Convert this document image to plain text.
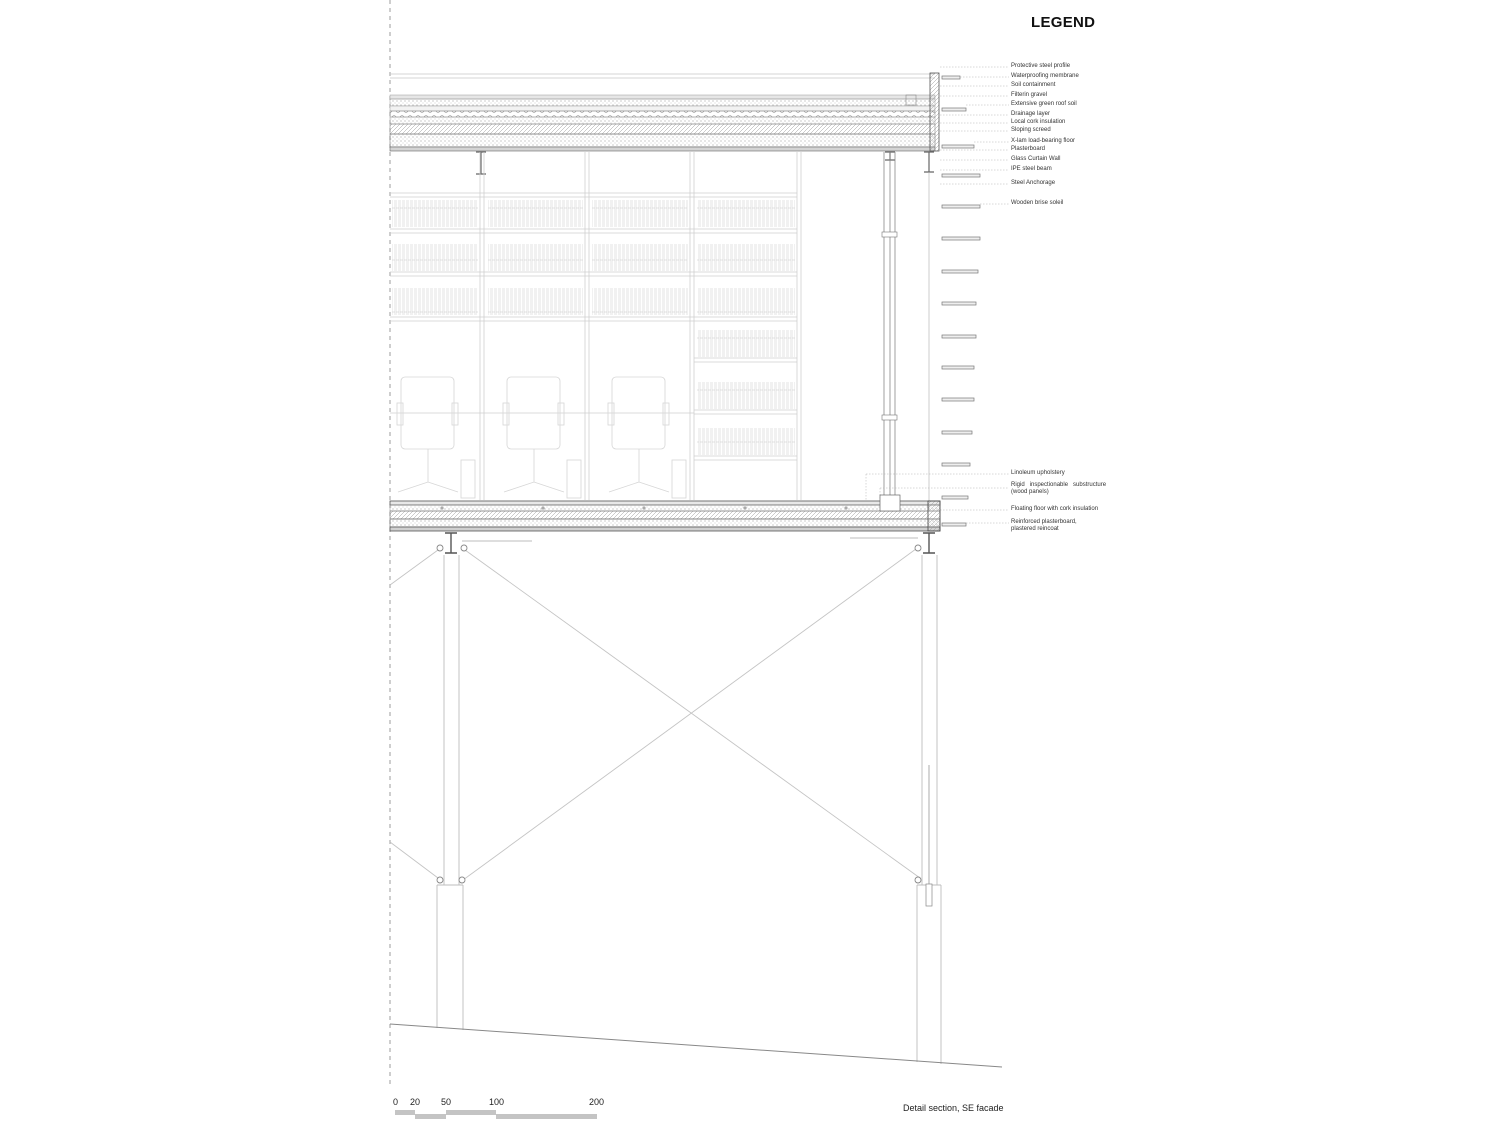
LEGEND
Protective steel profile
Waterproofing membrane
Soil containment
Filterin gravel
Extensive green roof soil
Drainage layer
Local cork insulation
Sloping screed
X-lam load-bearing floor
Plasterboard
Glass Curtain Wall
IPE steel beam
Steel Anchorage
Wooden brise soleil
Linoleum upholstery
Rigid   inspectionable   substructure
(wood panels)
Floating floor with cork insulation
Reinforced plasterboard,
plastered reincoat
0 20 50	100	200
Detail section, SE facade
